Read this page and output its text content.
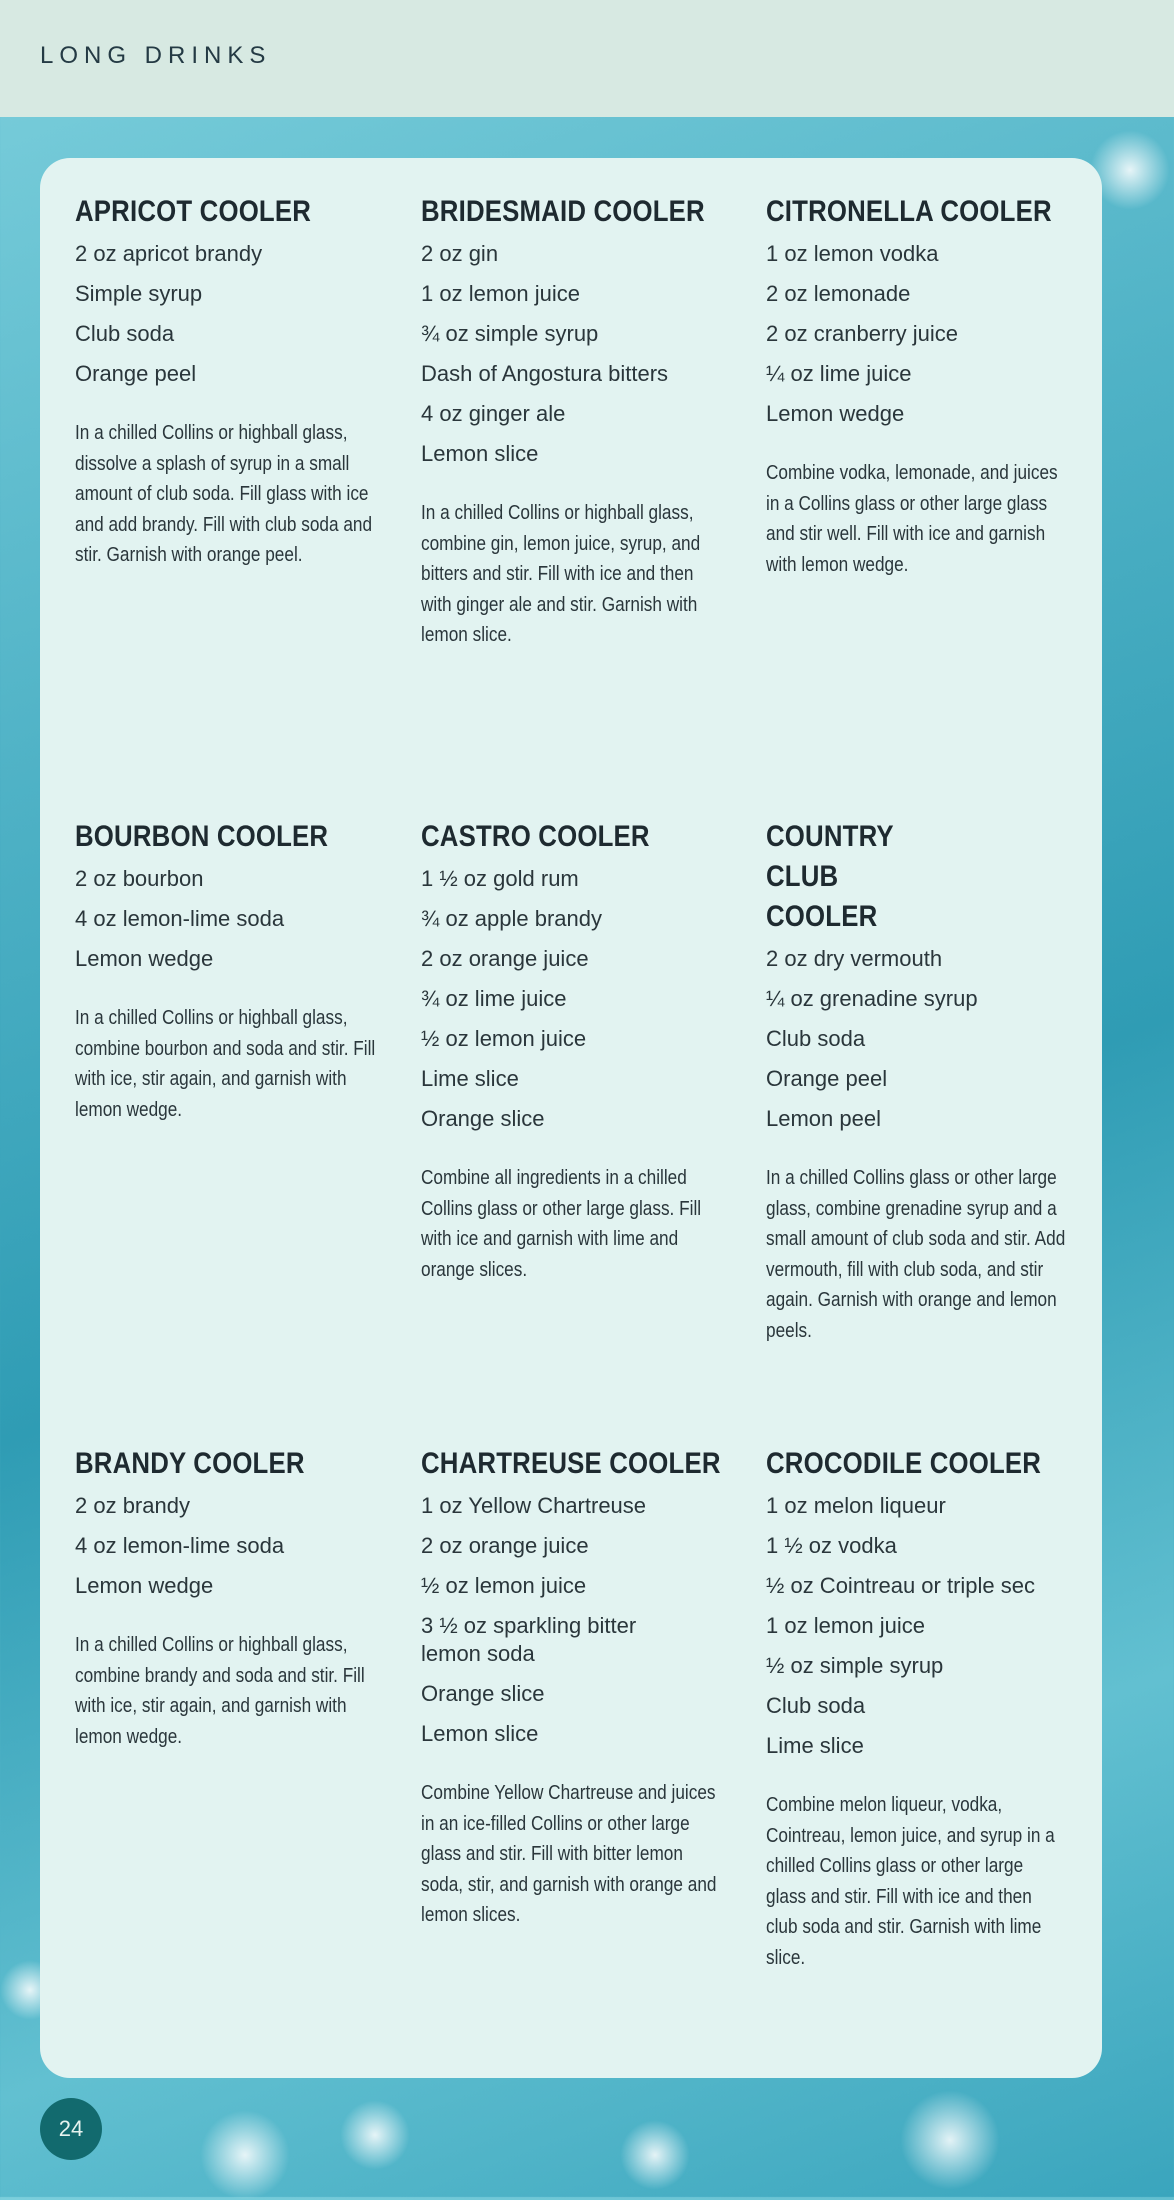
LONG DRINKS
APRICOT COOLER
2 oz apricot brandy
Simple syrup
Club soda
Orange peel
In a chilled Collins or highball glass, dissolve a splash of syrup in a small amount of club soda. Fill glass with ice and add brandy. Fill with club soda and stir. Garnish with orange peel.
BRIDESMAID COOLER
2 oz gin
1 oz lemon juice
¾ oz simple syrup
Dash of Angostura bitters
4 oz ginger ale
Lemon slice
In a chilled Collins or highball glass, combine gin, lemon juice, syrup, and bitters and stir. Fill with ice and then with ginger ale and stir. Garnish with lemon slice.
CITRONELLA COOLER
1 oz lemon vodka
2 oz lemonade
2 oz cranberry juice
¼ oz lime juice
Lemon wedge
Combine vodka, lemonade, and juices in a Collins glass or other large glass and stir well. Fill with ice and garnish with lemon wedge.
BOURBON COOLER
2 oz bourbon
4 oz lemon-lime soda
Lemon wedge
In a chilled Collins or highball glass, combine bourbon and soda and stir. Fill with ice, stir again, and garnish with lemon wedge.
CASTRO COOLER
1 ½ oz gold rum
¾ oz apple brandy
2 oz orange juice
¾ oz lime juice
½ oz lemon juice
Lime slice
Orange slice
Combine all ingredients in a chilled Collins glass or other large glass. Fill with ice and garnish with lime and orange slices.
COUNTRY CLUB COOLER
2 oz dry vermouth
¼ oz grenadine syrup
Club soda
Orange peel
Lemon peel
In a chilled Collins glass or other large glass, combine grenadine syrup and a small amount of club soda and stir. Add vermouth, fill with club soda, and stir again. Garnish with orange and lemon peels.
BRANDY COOLER
2 oz brandy
4 oz lemon-lime soda
Lemon wedge
In a chilled Collins or highball glass, combine brandy and soda and stir. Fill with ice, stir again, and garnish with lemon wedge.
CHARTREUSE COOLER
1 oz Yellow Chartreuse
2 oz orange juice
½ oz lemon juice
3 ½ oz sparkling bitter lemon soda
Orange slice
Lemon slice
Combine Yellow Chartreuse and juices in an ice-filled Collins or other large glass and stir. Fill with bitter lemon soda, stir, and garnish with orange and lemon slices.
CROCODILE COOLER
1 oz melon liqueur
1 ½ oz vodka
½ oz Cointreau or triple sec
1 oz lemon juice
½ oz simple syrup
Club soda
Lime slice
Combine melon liqueur, vodka, Cointreau, lemon juice, and syrup in a chilled Collins glass or other large glass and stir. Fill with ice and then club soda and stir. Garnish with lime slice.
24
